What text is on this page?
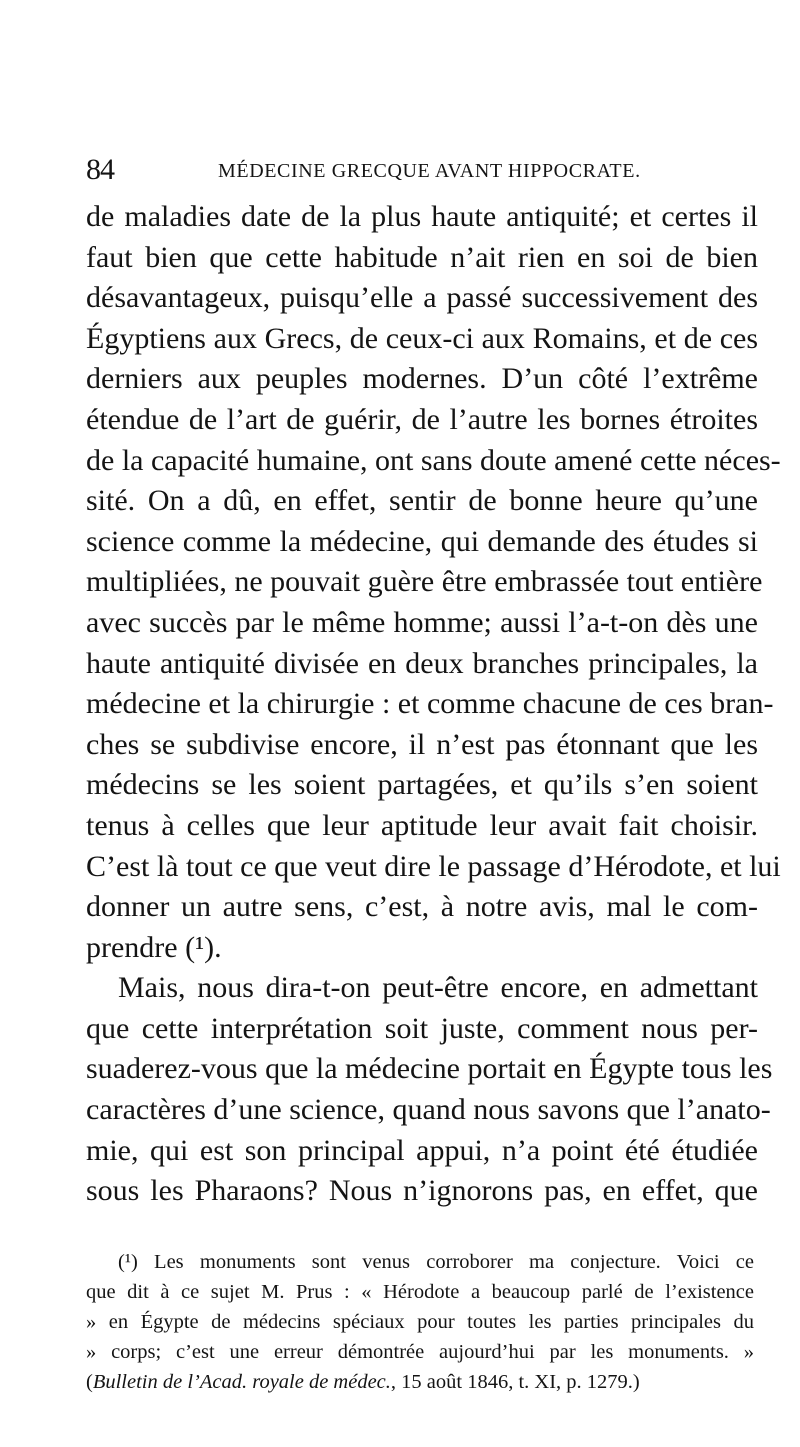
84	MÉDECINE GRECQUE AVANT HIPPOCRATE.
de maladies date de la plus haute antiquité; et certes il
faut bien que cette habitude n’ait rien en soi de bien
désavantageux, puisqu’elle a passé successivement des
Égyptiens aux Grecs, de ceux-ci aux Romains, et de ces
derniers aux peuples modernes. D’un côté l’extrême
étendue de l’art de guérir, de l’autre les bornes étroites
de la capacité humaine, ont sans doute amené cette néces-
sité. On a dû, en effet, sentir de bonne heure qu’une
science comme la médecine, qui demande des études si
multipliées, ne pouvait guère être embrassée tout entière
avec succès par le même homme; aussi l’a-t-on dès une
haute antiquité divisée en deux branches principales, la
médecine et la chirurgie : et comme chacune de ces bran-
ches se subdivise encore, il n’est pas étonnant que les
médecins se les soient partagées, et qu’ils s’en soient
tenus à celles que leur aptitude leur avait fait choisir.
C’est là tout ce que veut dire le passage d’Hérodote, et lui
donner un autre sens, c’est, à notre avis, mal le com-
prendre (¹).
Mais, nous dira-t-on peut-être encore, en admettant
que cette interprétation soit juste, comment nous per-
suaderez-vous que la médecine portait en Égypte tous les
caractères d’une science, quand nous savons que l’anato-
mie, qui est son principal appui, n’a point été étudiée
sous les Pharaons? Nous n’ignorons pas, en effet, que
(¹) Les monuments sont venus corroborer ma conjecture. Voici ce
que dit à ce sujet M. Prus : « Hérodote a beaucoup parlé de l’existence
» en Égypte de médecins spéciaux pour toutes les parties principales du
» corps; c’est une erreur démontrée aujourd’hui par les monuments. »
(Bulletin de l’Acad. royale de médec., 15 août 1846, t. XI, p. 1279.)
